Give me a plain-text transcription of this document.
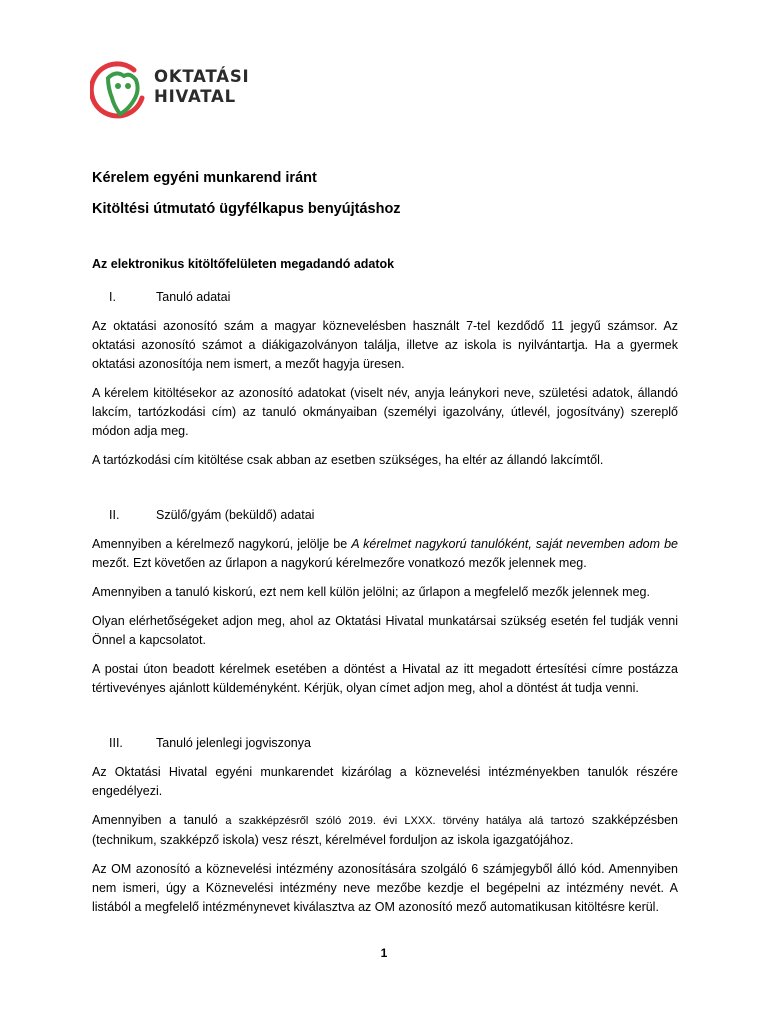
OKTATÁSI
HIVATAL
Kérelem egyéni munkarend iránt
Kitöltési útmutató ügyfélkapus benyújtáshoz

Az elektronikus kitöltőfelületen megadandó adatok

I.	Tanuló adatai

Az oktatási azonosító szám a magyar köznevelésben használt 7-tel kezdődő 11 jegyű számsor. Az oktatási azonosító számot a diákigazolványon találja, illetve az iskola is nyilvántartja. Ha a gyermek oktatási azonosítója nem ismert, a mezőt hagyja üresen.

A kérelem kitöltésekor az azonosító adatokat (viselt név, anyja leánykori neve, születési adatok, állandó lakcím, tartózkodási cím) az tanuló okmányaiban (személyi igazolvány, útlevél, jogosítvány) szereplő módon adja meg.

A tartózkodási cím kitöltése csak abban az esetben szükséges, ha eltér az állandó lakcímtől.

II.	Szülő/gyám (beküldő) adatai

Amennyiben a kérelmező nagykorú, jelölje be A kérelmet nagykorú tanulóként, saját nevemben adom be mezőt. Ezt követően az űrlapon a nagykorú kérelmezőre vonatkozó mezők jelennek meg.

Amennyiben a tanuló kiskorú, ezt nem kell külön jelölni; az űrlapon a megfelelő mezők jelennek meg.

Olyan elérhetőségeket adjon meg, ahol az Oktatási Hivatal munkatársai szükség esetén fel tudják venni Önnel a kapcsolatot.

A postai úton beadott kérelmek esetében a döntést a Hivatal az itt megadott értesítési címre postázza tértivevényes ajánlott küldeményként. Kérjük, olyan címet adjon meg, ahol a döntést át tudja venni.

III.	Tanuló jelenlegi jogviszonya

Az Oktatási Hivatal egyéni munkarendet kizárólag a köznevelési intézményekben tanulók részére engedélyezi.

Amennyiben a tanuló a szakképzésről szóló 2019. évi LXXX. törvény hatálya alá tartozó szakképzésben (technikum, szakképző iskola) vesz részt, kérelmével forduljon az iskola igazgatójához.

Az OM azonosító a köznevelési intézmény azonosítására szolgáló 6 számjegyből álló kód. Amennyiben nem ismeri, úgy a Köznevelési intézmény neve mezőbe kezdje el begépelni az intézmény nevét. A listából a megfelelő intézménynevet kiválasztva az OM azonosító mező automatikusan kitöltésre kerül.

1
